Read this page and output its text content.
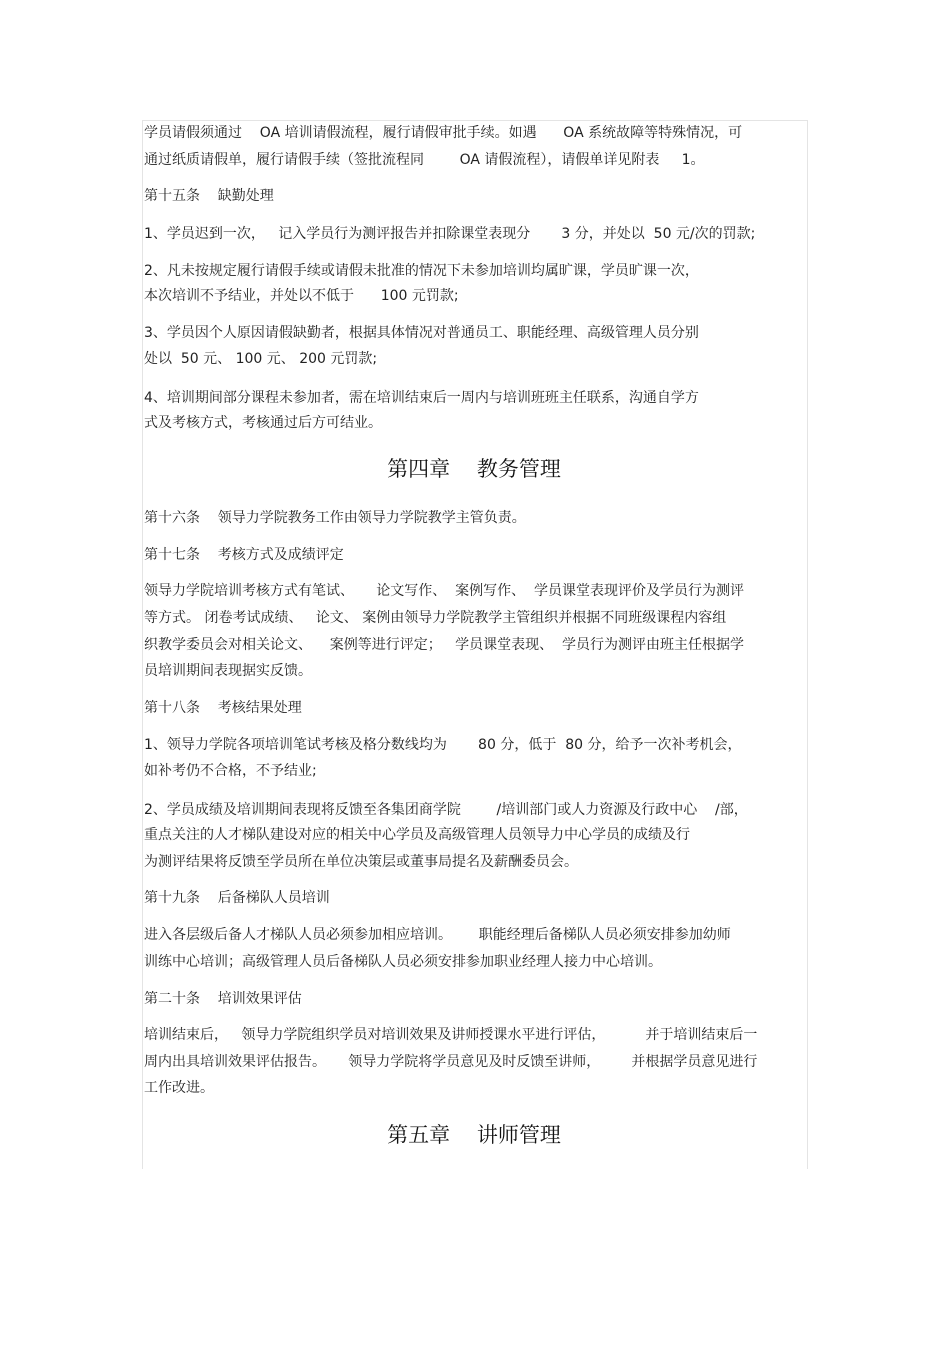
学员请假须通过    OA 培训请假流程，履行请假审批手续。如遇      OA 系统故障等特殊情况，可
通过纸质请假单，履行请假手续（签批流程同        OA 请假流程），请假单详见附表     1。
第十五条    缺勤处理
1、学员迟到一次，   记入学员行为测评报告并扣除课堂表现分       3 分，并处以  50 元/次的罚款;
2、凡未按规定履行请假手续或请假未批准的情况下未参加培训均属旷课，学员旷课一次，
本次培训不予结业，并处以不低于      100 元罚款;
3、学员因个人原因请假缺勤者，根据具体情况对普通员工、职能经理、高级管理人员分别
处以  50 元、 100 元、 200 元罚款;
4、培训期间部分课程未参加者，需在培训结束后一周内与培训班班主任联系，沟通自学方
式及考核方式，考核通过后方可结业。
第四章    教务管理
第十六条    领导力学院教务工作由领导力学院教学主管负责。
第十七条    考核方式及成绩评定
领导力学院培训考核方式有笔试、     论文写作、  案例写作、  学员课堂表现评价及学员行为测评
等方式。 闭卷考试成绩、   论文、 案例由领导力学院教学主管组织并根据不同班级课程内容组
织教学委员会对相关论文、    案例等进行评定；   学员课堂表现、  学员行为测评由班主任根据学
员培训期间表现据实反馈。
第十八条    考核结果处理
1、领导力学院各项培训笔试考核及格分数线均为       80 分，低于  80 分，给予一次补考机会，
如补考仍不合格，不予结业;
2、学员成绩及培训期间表现将反馈至各集团商学院        /培训部门或人力资源及行政中心    /部，
重点关注的人才梯队建设对应的相关中心学员及高级管理人员领导力中心学员的成绩及行
为测评结果将反馈至学员所在单位决策层或董事局提名及薪酬委员会。
第十九条    后备梯队人员培训
进入各层级后备人才梯队人员必须参加相应培训。      职能经理后备梯队人员必须安排参加幼师
训练中心培训；高级管理人员后备梯队人员必须安排参加职业经理人接力中心培训。
第二十条    培训效果评估
培训结束后，   领导力学院组织学员对培训效果及讲师授课水平进行评估，         并于培训结束后一
周内出具培训效果评估报告。     领导力学院将学员意见及时反馈至讲师，       并根据学员意见进行
工作改进。
第五章    讲师管理
